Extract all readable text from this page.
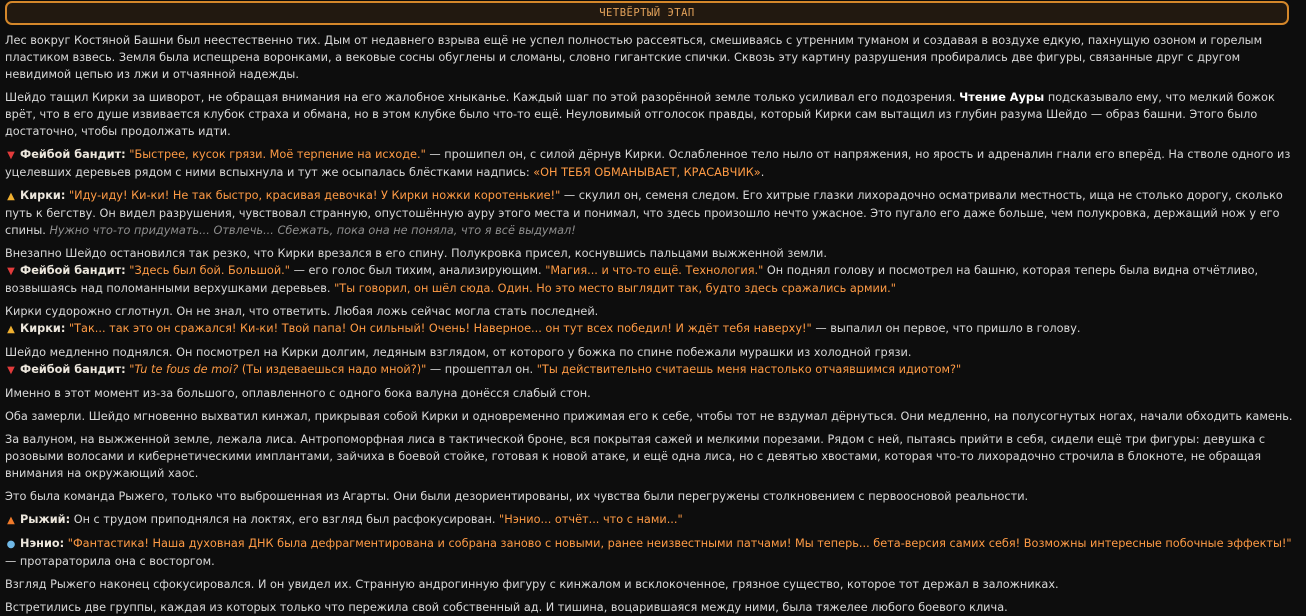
ЧЕТВЁРТЫЙ ЭТАП
Лес вокруг Костяной Башни был неестественно тих. Дым от недавнего взрыва ещё не успел полностью рассеяться, смешиваясь с утренним туманом и создавая в воздухе едкую, пахнущую озоном и горелым пластиком взвесь. Земля была испещрена воронками, а вековые сосны обуглены и сломаны, словно гигантские спички. Сквозь эту картину разрушения пробирались две фигуры, связанные друг с другом невидимой цепью из лжи и отчаянной надежды.
Шейдо тащил Кирки за шиворот, не обращая внимания на его жалобное хныканье. Каждый шаг по этой разорённой земле только усиливал его подозрения. Чтение Ауры подсказывало ему, что мелкий божок врёт, что в его душе извивается клубок страха и обмана, но в этом клубке было что-то ещё. Неуловимый отголосок правды, который Кирки сам вытащил из глубин разума Шейдо — образ башни. Этого было достаточно, чтобы продолжать идти.
▼ Фейбой бандит: "Быстрее, кусок грязи. Моё терпение на исходе." — прошипел он, с силой дёрнув Кирки. Ослабленное тело ныло от напряжения, но ярость и адреналин гнали его вперёд. На стволе одного из уцелевших деревьев рядом с ними вспыхнула и тут же осыпалась блёстками надпись: «ОН ТЕБЯ ОБМАНЫВАЕТ, КРАСАВЧИК».
▲ Кирки: "Иду-иду! Ки-ки! Не так быстро, красивая девочка! У Кирки ножки коротенькие!" — скулил он, семеня следом. Его хитрые глазки лихорадочно осматривали местность, ища не столько дорогу, сколько путь к бегству. Он видел разрушения, чувствовал странную, опустошённую ауру этого места и понимал, что здесь произошло нечто ужасное. Это пугало его даже больше, чем полукровка, держащий нож у его спины. Нужно что-то придумать... Отвлечь... Сбежать, пока она не поняла, что я всё выдумал!
Внезапно Шейдо остановился так резко, что Кирки врезался в его спину. Полукровка присел, коснувшись пальцами выжженной земли.
▼ Фейбой бандит: "Здесь был бой. Большой." — его голос был тихим, анализирующим. "Магия... и что-то ещё. Технология." Он поднял голову и посмотрел на башню, которая теперь была видна отчётливо, возвышаясь над поломанными верхушками деревьев. "Ты говорил, он шёл сюда. Один. Но это место выглядит так, будто здесь сражались армии."
Кирки судорожно сглотнул. Он не знал, что ответить. Любая ложь сейчас могла стать последней.
▲ Кирки: "Так... так это он сражался! Ки-ки! Твой папа! Он сильный! Очень! Наверное... он тут всех победил! И ждёт тебя наверху!" — выпалил он первое, что пришло в голову.
Шейдо медленно поднялся. Он посмотрел на Кирки долгим, ледяным взглядом, от которого у божка по спине побежали мурашки из холодной грязи.
▼ Фейбой бандит: "Tu te fous de moi? (Ты издеваешься надо мной?)" — прошептал он. "Ты действительно считаешь меня настолько отчаявшимся идиотом?"
Именно в этот момент из-за большого, оплавленного с одного бока валуна донёсся слабый стон.
Оба замерли. Шейдо мгновенно выхватил кинжал, прикрывая собой Кирки и одновременно прижимая его к себе, чтобы тот не вздумал дёрнуться. Они медленно, на полусогнутых ногах, начали обходить камень.
За валуном, на выжженной земле, лежала лиса. Антропоморфная лиса в тактической броне, вся покрытая сажей и мелкими порезами. Рядом с ней, пытаясь прийти в себя, сидели ещё три фигуры: девушка с розовыми волосами и кибернетическими имплантами, зайчиха в боевой стойке, готовая к новой атаке, и ещё одна лиса, но с девятью хвостами, которая что-то лихорадочно строчила в блокноте, не обращая внимания на окружающий хаос.
Это была команда Рыжего, только что выброшенная из Агарты. Они были дезориентированы, их чувства были перегружены столкновением с первоосновой реальности.
▲ Рыжий: Он с трудом приподнялся на локтях, его взгляд был расфокусирован. "Нэнио... отчёт... что с нами..."
● Нэнио: "Фантастика! Наша духовная ДНК была дефрагментирована и собрана заново с новыми, ранее неизвестными патчами! Мы теперь... бета-версия самих себя! Возможны интересные побочные эффекты!" — протараторила она с восторгом.
Взгляд Рыжего наконец сфокусировался. И он увидел их. Странную андрогинную фигуру с кинжалом и всклокоченное, грязное существо, которое тот держал в заложниках.
Встретились две группы, каждая из которых только что пережила свой собственный ад. И тишина, воцарившаяся между ними, была тяжелее любого боевого клича.
